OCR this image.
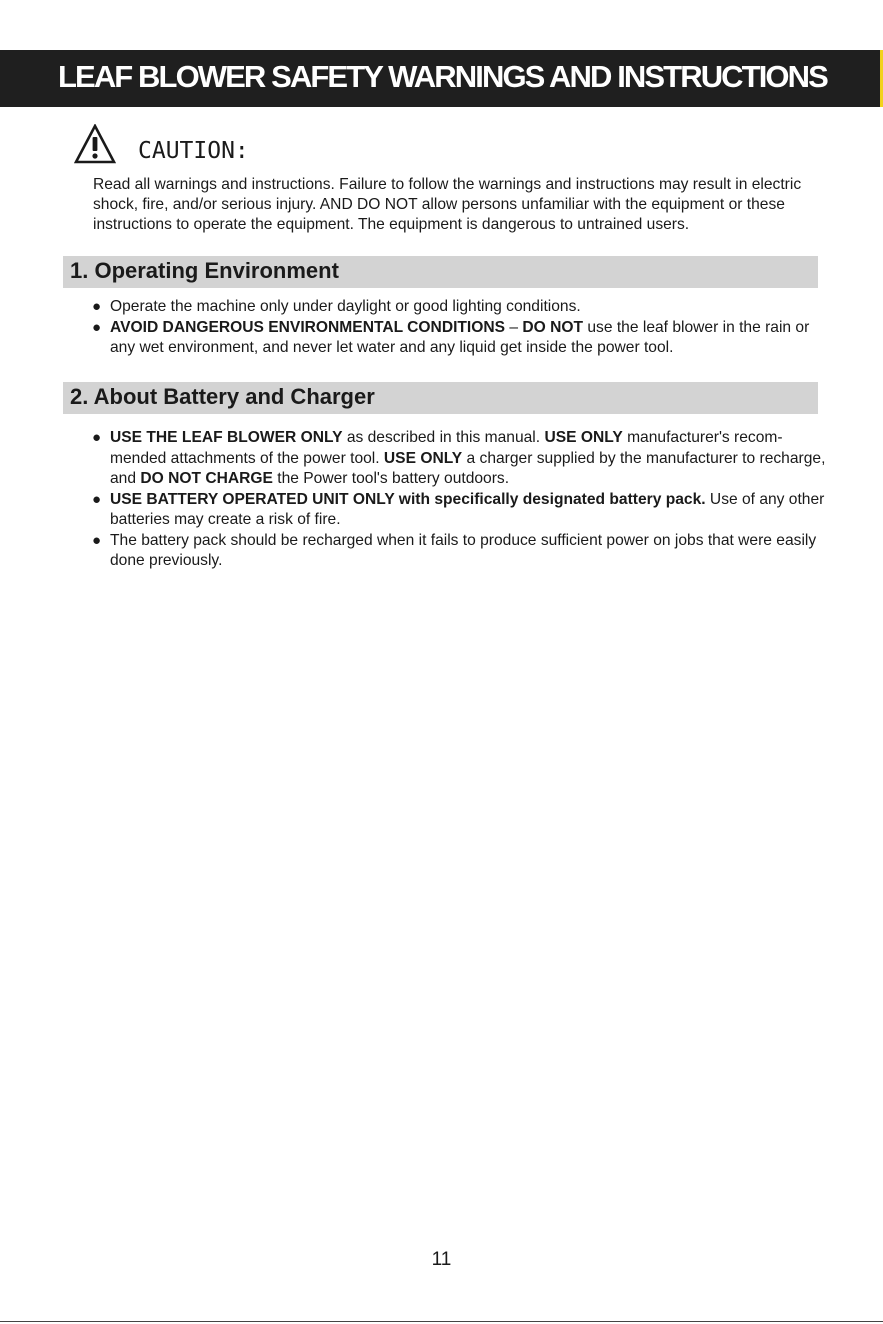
LEAF BLOWER SAFETY WARNINGS AND INSTRUCTIONS
CAUTION:
Read all warnings and instructions. Failure to follow the warnings and instructions may result in electric shock, fire, and/or serious injury. AND DO NOT allow persons unfamiliar with the equipment or these instructions to operate the equipment. The equipment is dangerous to untrained users.
1. Operating Environment
● Operate the machine only under daylight or good lighting conditions.
● AVOID DANGEROUS ENVIRONMENTAL CONDITIONS – DO NOT use the leaf blower in the rain or any wet environment, and never let water and any liquid get inside the power tool.
2. About Battery and Charger
● USE THE LEAF BLOWER ONLY as described in this manual. USE ONLY manufacturer's recom-mended attachments of the power tool. USE ONLY a charger supplied by the manufacturer to recharge, and DO NOT CHARGE the Power tool's battery outdoors.
● USE BATTERY OPERATED UNIT ONLY with specifically designated battery pack. Use of any other batteries may create a risk of fire.
● The battery pack should be recharged when it fails to produce sufficient power on jobs that were easily done previously.
11
